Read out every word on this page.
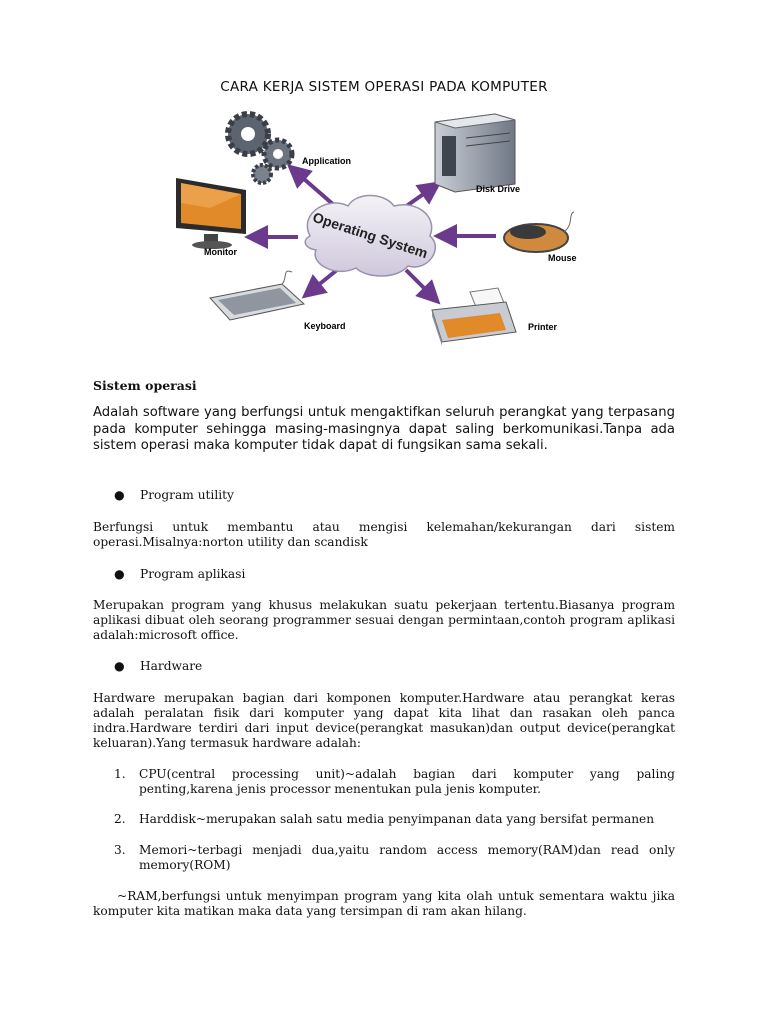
CARA KERJA SISTEM OPERASI PADA KOMPUTER
Operating System
Application
Disk Drive
Monitor
Mouse
Keyboard	Printer

Sistem operasi

Adalah software yang berfungsi untuk mengaktifkan seluruh perangkat yang terpasang pada komputer sehingga masing-masingnya dapat saling berkomunikasi.Tanpa ada sistem operasi maka komputer tidak dapat di fungsikan sama sekali.

● Program utility

Berfungsi untuk membantu atau mengisi kelemahan/kekurangan dari sistem operasi.Misalnya:norton utility dan scandisk

● Program aplikasi

Merupakan program yang khusus melakukan suatu pekerjaan tertentu.Biasanya program aplikasi dibuat oleh seorang programmer sesuai dengan permintaan,contoh program aplikasi adalah:microsoft office.

● Hardware

Hardware merupakan bagian dari komponen komputer.Hardware atau perangkat keras adalah peralatan fisik dari komputer yang dapat kita lihat dan rasakan oleh panca indra.Hardware terdiri dari input device(perangkat masukan)dan output device(perangkat keluaran).Yang termasuk hardware adalah:

1.	CPU(central processing unit)~adalah bagian dari komputer yang paling penting,karena jenis processor menentukan pula jenis komputer.
2.	Harddisk~merupakan salah satu media penyimpanan data yang bersifat permanen
3.	Memori~terbagi menjadi dua,yaitu random access memory(RAM)dan read only memory(ROM)

~RAM,berfungsi untuk menyimpan program yang kita olah untuk sementara waktu jika komputer kita matikan maka data yang tersimpan di ram akan hilang.
